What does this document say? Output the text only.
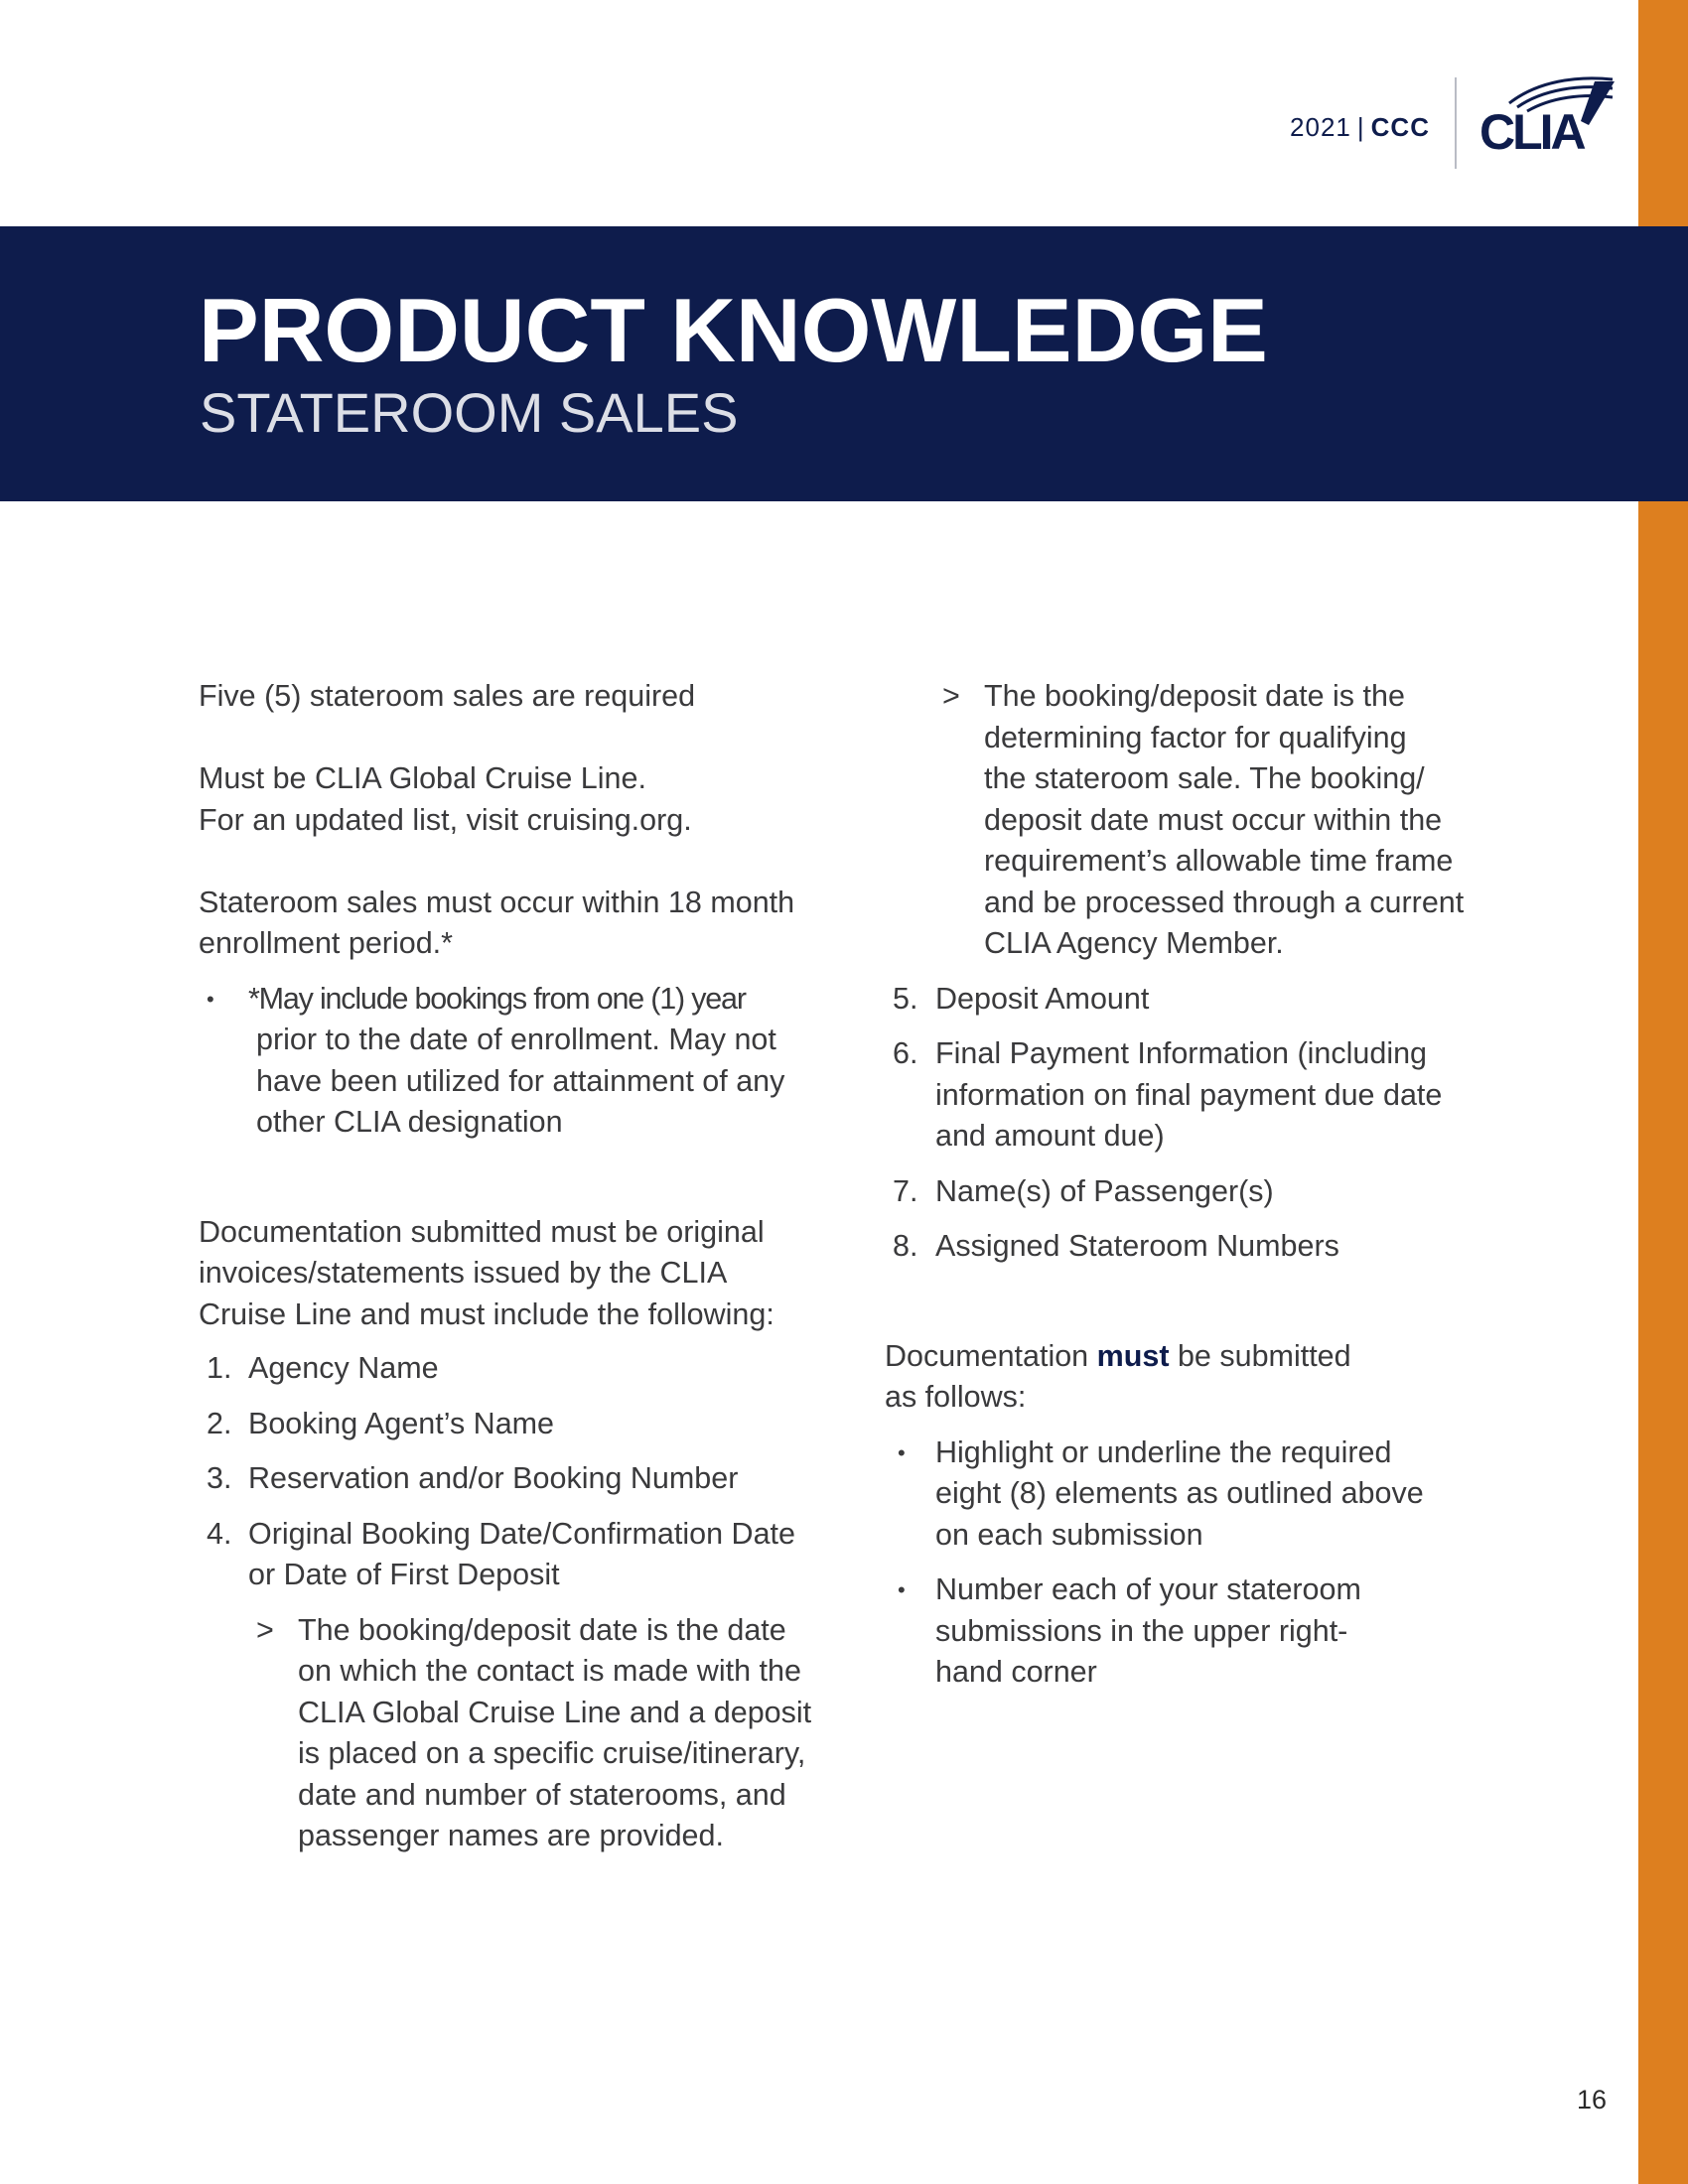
2021 | CCC CLIA
PRODUCT KNOWLEDGE
STATEROOM SALES

Five (5) stateroom sales are required

Must be CLIA Global Cruise Line.

For an updated list, visit cruising.org.

Stateroom sales must occur within 18 month

enrollment period.*

• *May include bookings from one (1) year

prior to the date of enrollment. May not

have been utilized for attainment of any

other CLIA designation

Documentation submitted must be original

invoices/statements issued by the CLIA

Cruise Line and must include the following:

1. Agency Name

2. Booking Agent’s Name

3. Reservation and/or Booking Number

4. Original Booking Date/Confirmation Date

or Date of First Deposit

> The booking/deposit date is the date

on which the contact is made with the

CLIA Global Cruise Line and a deposit

is placed on a specific cruise/itinerary,

date and number of staterooms, and

passenger names are provided.

> The booking/deposit date is the

determining factor for qualifying

the stateroom sale. The booking/

deposit date must occur within the

requirement’s allowable time frame

and be processed through a current

CLIA Agency Member.

5. Deposit Amount

6. Final Payment Information (including

information on final payment due date

and amount due)

7. Name(s) of Passenger(s)

8. Assigned Stateroom Numbers

Documentation must be submitted

as follows:

• Highlight or underline the required

eight (8) elements as outlined above

on each submission

• Number each of your stateroom

submissions in the upper right-

hand corner

16
